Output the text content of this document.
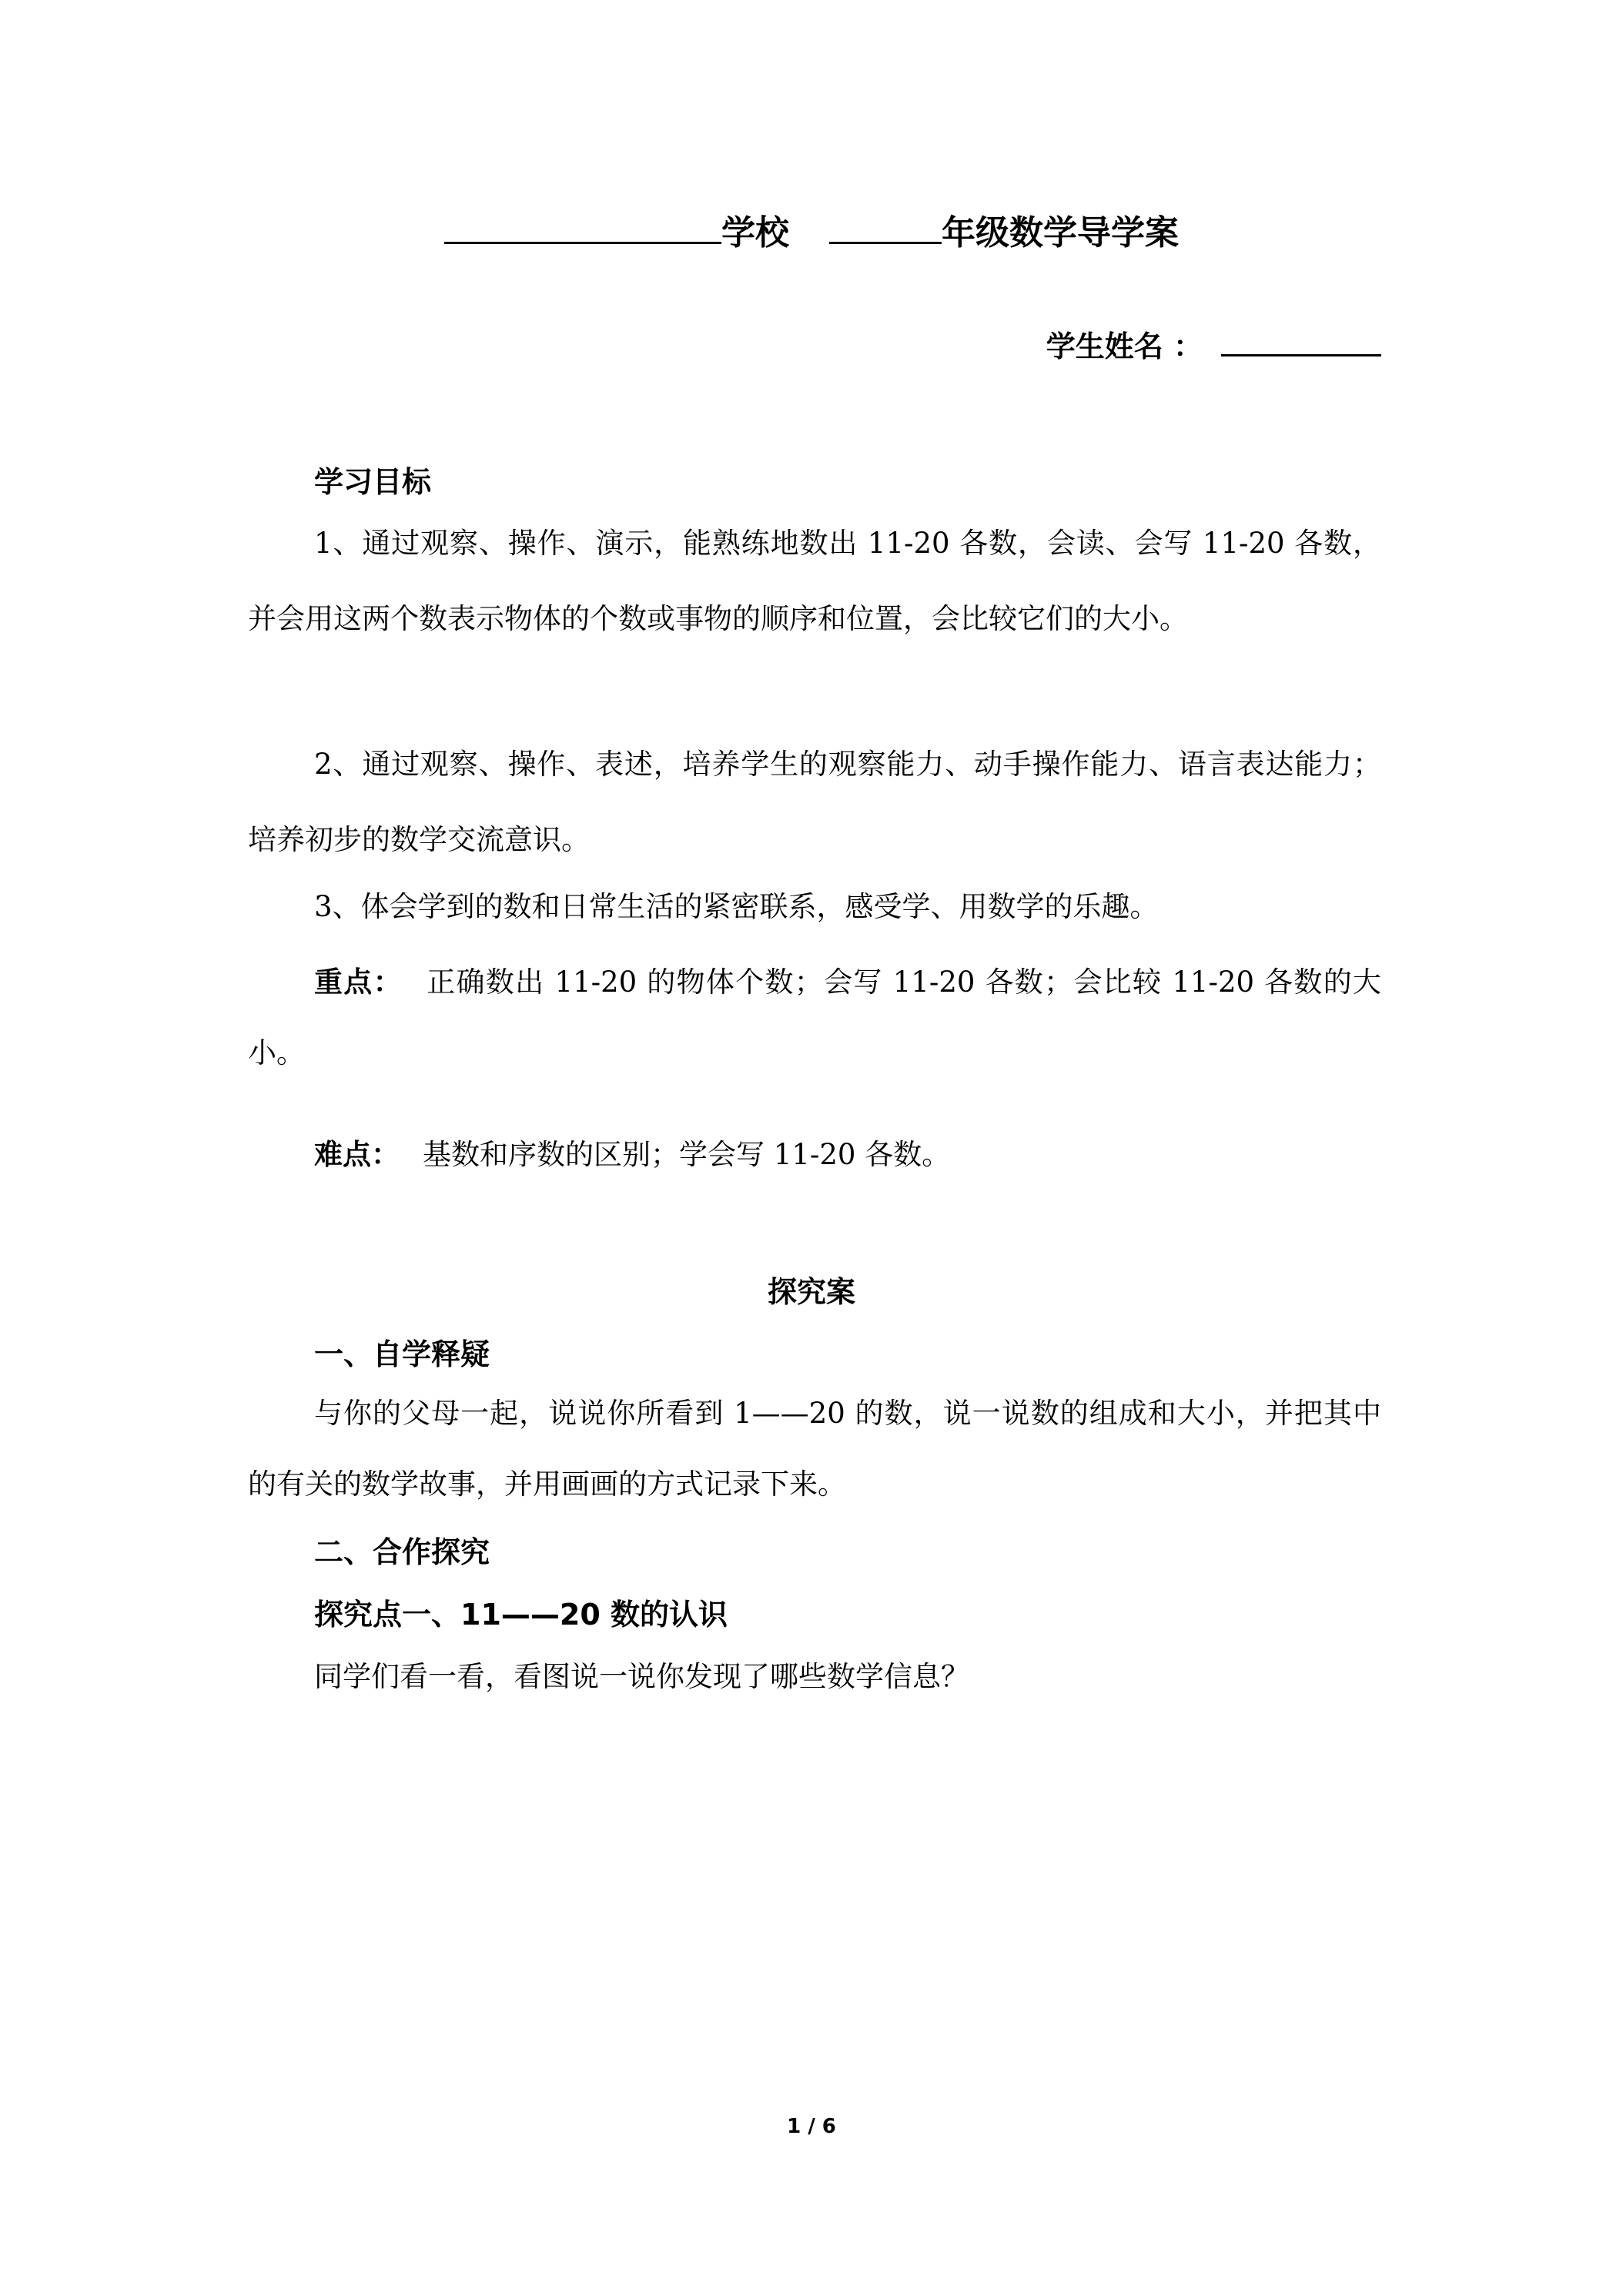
学校	年级数学导学案
学生姓名 ：
学习目标
1、通过观察、操作、演示，能熟练地数出 11-20 各数，会读、会写 11-20 各数，并会用这两个数表示物体的个数或事物的顺序和位置，会比较它们的大小。
2、通过观察、操作、表述，培养学生的观察能力、动手操作能力、语言表达能力；培养初步的数学交流意识。
3、体会学到的数和日常生活的紧密联系，感受学、用数学的乐趣。
重点： 正确数出 11-20 的物体个数；会写 11-20 各数；会比较 11-20 各数的大小。
难点： 基数和序数的区别；学会写 11-20 各数。
探究案
一、自学释疑
与你的父母一起，说说你所看到 1——20 的数，说一说数的组成和大小，并把其中的有关的数学故事，并用画画的方式记录下来。
二、合作探究
探究点一、11——20 数的认识
同学们看一看，看图说一说你发现了哪些数学信息？
1 / 6
